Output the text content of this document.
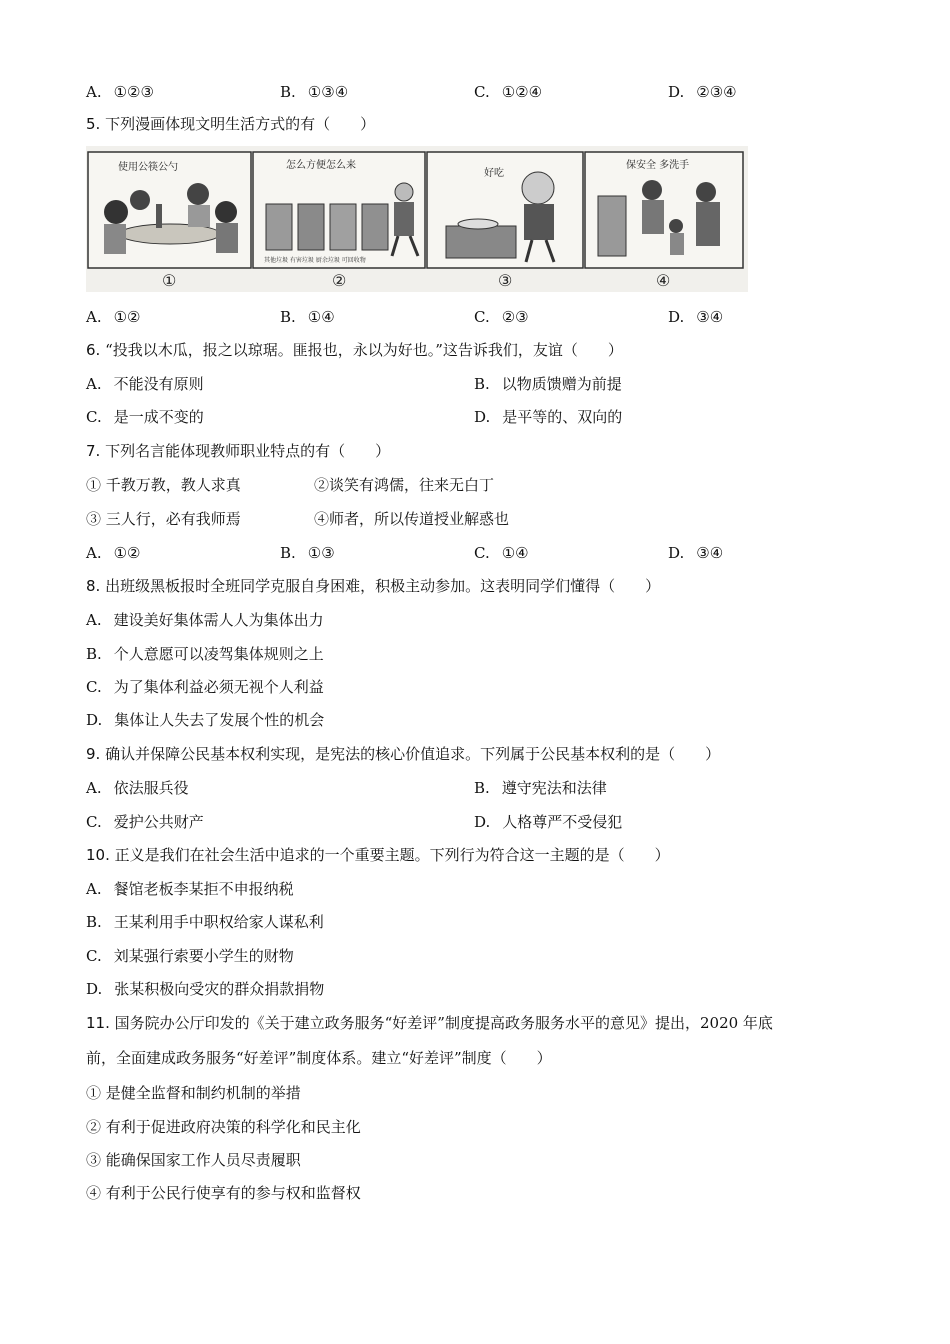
A. ①②③	B. ①③④	C. ①②④	D. ②③④
5. 下列漫画体现文明生活方式的有（　　）
使用公筷公勺	怎么方便怎么来
其他垃圾 有害垃圾 厨余垃圾 可回收物
好吃
保安全 多洗手
①	②	③	④
A. ①②	B. ①④	C. ②③	D. ③④
6. “投我以木瓜，报之以琼琚。匪报也，永以为好也。”这告诉我们，友谊（　　）
A. 不能没有原则	B. 以物质馈赠为前提
C. 是一成不变的	D. 是平等的、双向的
7. 下列名言能体现教师职业特点的有（　　）
① 千教万教，教人求真	②谈笑有鸿儒，往来无白丁
③ 三人行，必有我师焉	④师者，所以传道授业解惑也
A. ①②	B. ①③	C. ①④	D. ③④
8. 出班级黑板报时全班同学克服自身困难，积极主动参加。这表明同学们懂得（　　）
A. 建设美好集体需人人为集体出力
B. 个人意愿可以凌驾集体规则之上
C. 为了集体利益必须无视个人利益
D. 集体让人失去了发展个性的机会
9. 确认并保障公民基本权利实现，是宪法的核心价值追求。下列属于公民基本权利的是（　　）
A. 依法服兵役	B. 遵守宪法和法律
C. 爱护公共财产	D. 人格尊严不受侵犯
10. 正义是我们在社会生活中追求的一个重要主题。下列行为符合这一主题的是（　　）
A. 餐馆老板李某拒不申报纳税
B. 王某利用手中职权给家人谋私利
C. 刘某强行索要小学生的财物
D. 张某积极向受灾的群众捐款捐物
11. 国务院办公厅印发的《关于建立政务服务“好差评”制度提高政务服务水平的意见》提出，2020 年底
前，全面建成政务服务“好差评”制度体系。建立“好差评”制度（　　）
① 是健全监督和制约机制的举措
② 有利于促进政府决策的科学化和民主化
③ 能确保国家工作人员尽责履职
④ 有利于公民行使享有的参与权和监督权
